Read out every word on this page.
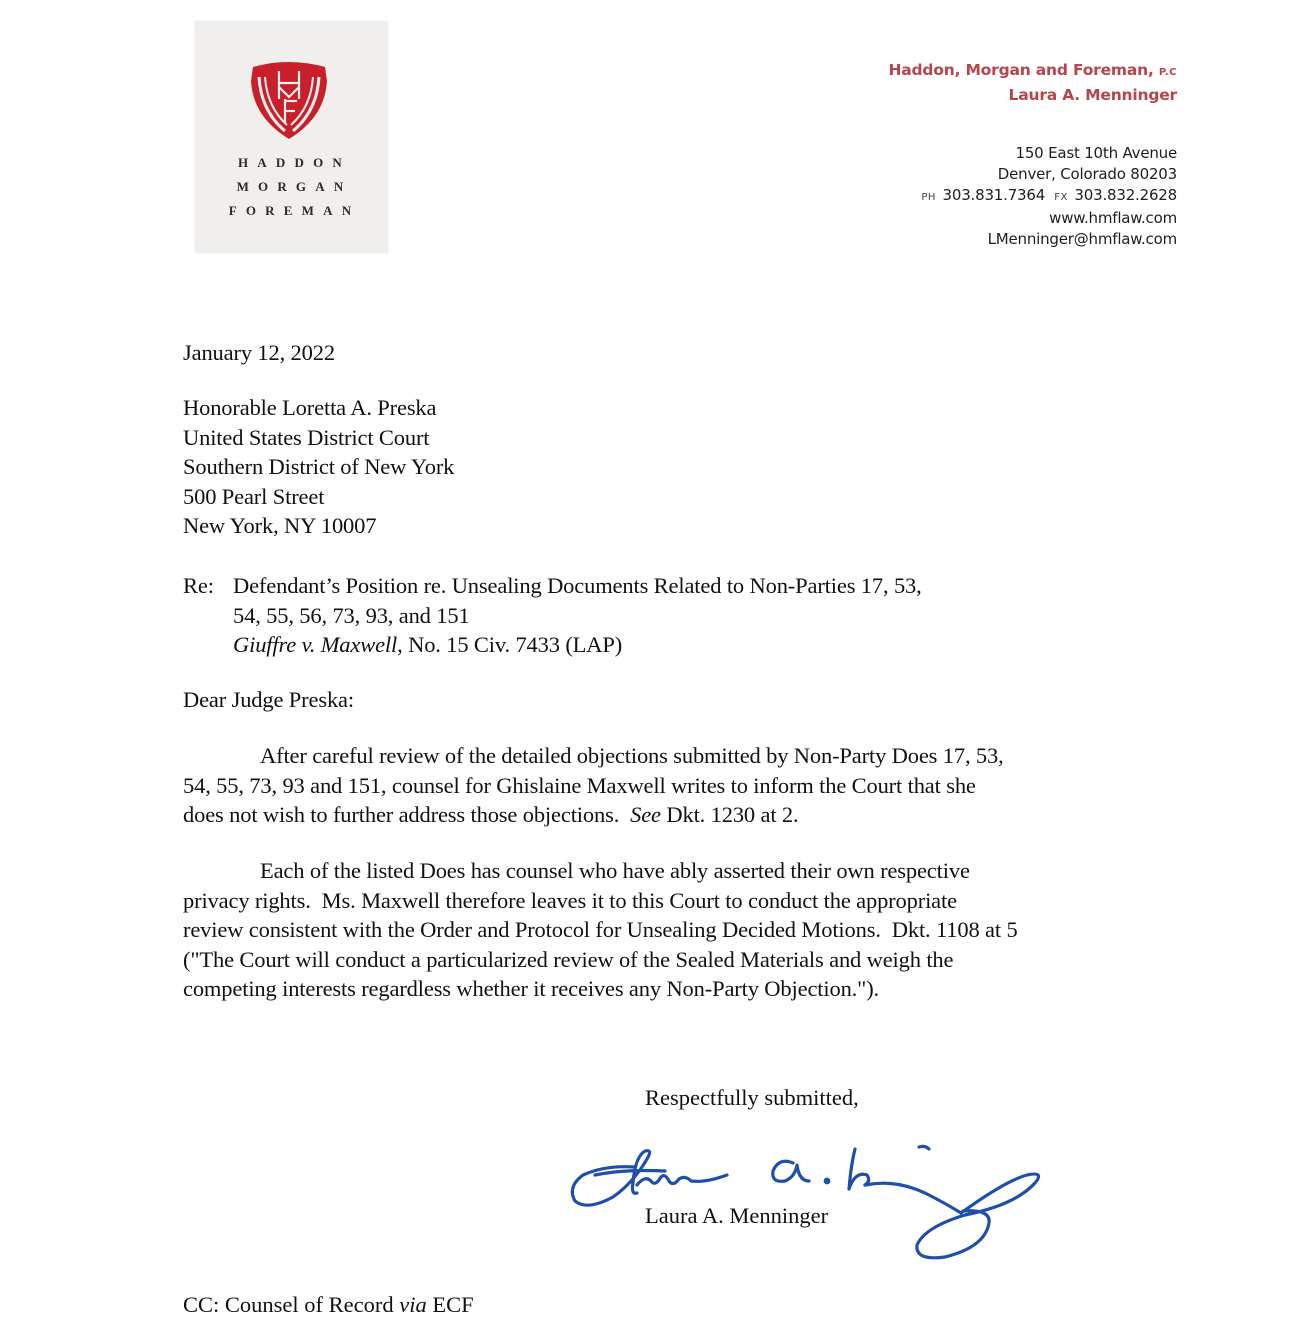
HADDON
MORGAN
FOREMAN
Haddon, Morgan and Foreman, P.C
Laura A. Menninger
150 East 10th Avenue
Denver, Colorado 80203
PH 303.831.7364 FX 303.832.2628
www.hmflaw.com
LMenninger@hmflaw.com
January 12, 2022
Honorable Loretta A. Preska
United States District Court
Southern District of New York
500 Pearl Street
New York, NY 10007
Re: Defendant’s Position re. Unsealing Documents Related to Non-Parties 17, 53,
54, 55, 56, 73, 93, and 151
Giuffre v. Maxwell, No. 15 Civ. 7433 (LAP)
Dear Judge Preska:
After careful review of the detailed objections submitted by Non-Party Does 17, 53,
54, 55, 73, 93 and 151, counsel for Ghislaine Maxwell writes to inform the Court that she
does not wish to further address those objections.  See Dkt. 1230 at 2.
Each of the listed Does has counsel who have ably asserted their own respective
privacy rights.  Ms. Maxwell therefore leaves it to this Court to conduct the appropriate
review consistent with the Order and Protocol for Unsealing Decided Motions.  Dkt. 1108 at 5
("The Court will conduct a particularized review of the Sealed Materials and weigh the
competing interests regardless whether it receives any Non-Party Objection.").
Respectfully submitted,
Laura A. Menninger
CC: Counsel of Record via ECF
